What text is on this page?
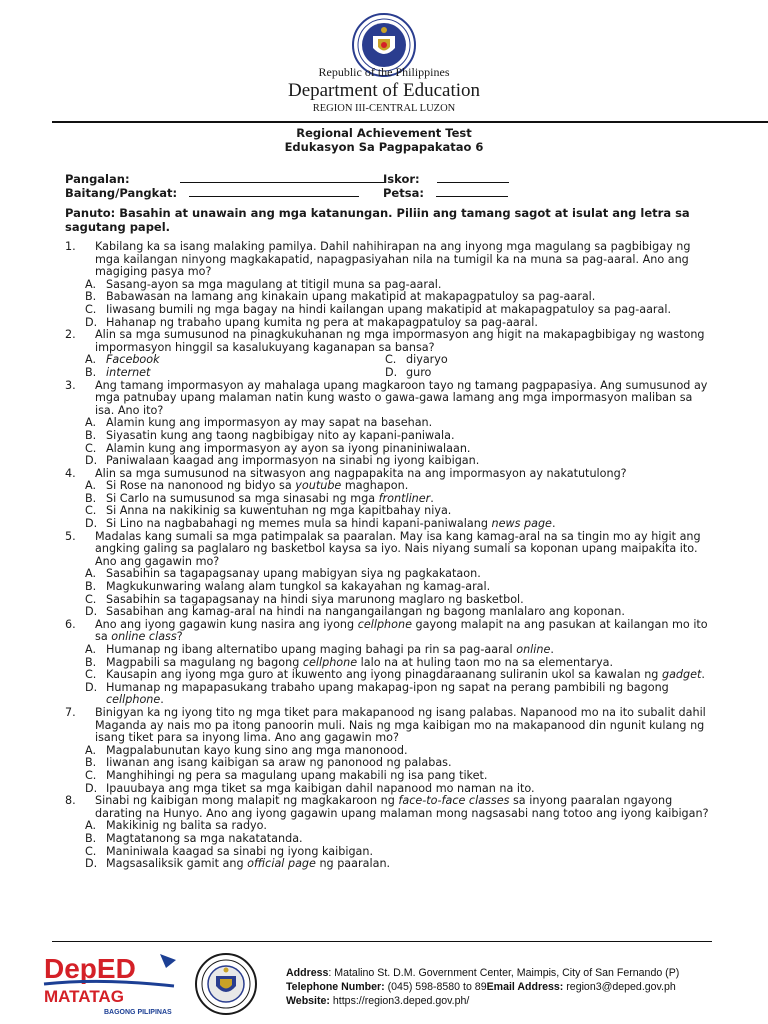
Republic of the Philippines
Department of Education
REGION III-CENTRAL LUZON
Regional Achievement Test
Edukasyon Sa Pagpapakatao 6
Pangalan:
Baitang/Pangkat:
Iskor:
Petsa:
Panuto: Basahin at unawain ang mga katanungan. Piliin ang tamang sagot at isulat ang letra sa sagutang papel.
1.	Kabilang ka sa isang malaking pamilya. Dahil nahihirapan na ang inyong mga magulang sa pagbibigay ng mga kailangan ninyong magkakapatid, napagpasiyahan nila na tumigil ka na muna sa pag-aaral. Ano ang magiging pasya mo?
A. Sasang-ayon sa mga magulang at titigil muna sa pag-aaral.
B. Babawasan na lamang ang kinakain upang makatipid at makapagpatuloy sa pag-aaral.
C. Iiwasang bumili ng mga bagay na hindi kailangan upang makatipid at makapagpatuloy sa pag-aaral.
D. Hahanap ng trabaho upang kumita ng pera at makapagpatuloy sa pag-aaral.
2.	Alin sa mga sumusunod na pinagkukuhanan ng mga impormasyon ang higit na makapagbibigay ng wastong impormasyon hinggil sa kasalukuyang kaganapan sa bansa?
A. Facebook	C. diyaryo
B. internet	D. guro
3.	Ang tamang impormasyon ay mahalaga upang magkaroon tayo ng tamang pagpapasiya. Ang sumusunod ay mga patnubay upang malaman natin kung wasto o gawa-gawa lamang ang mga impormasyon maliban sa isa. Ano ito?
A. Alamin kung ang impormasyon ay may sapat na basehan.
B. Siyasatin kung ang taong nagbibigay nito ay kapani-paniwala.
C. Alamin kung ang impormasyon ay ayon sa iyong pinaniniwalaan.
D. Paniwalaan kaagad ang impormasyon na sinabi ng iyong kaibigan.
4.	Alin sa mga sumusunod na sitwasyon ang nagpapakita na ang impormasyon ay nakatutulong?
A. Si Rose na nanonood ng bidyo sa youtube maghapon.
B. Si Carlo na sumusunod sa mga sinasabi ng mga frontliner.
C. Si Anna na nakikinig sa kuwentuhan ng mga kapitbahay niya.
D. Si Lino na nagbabahagi ng memes mula sa hindi kapani-paniwalang news page.
5.	Madalas kang sumali sa mga patimpalak sa paaralan. May isa kang kamag-aral na sa tingin mo ay higit ang angking galing sa paglalaro ng basketbol kaysa sa iyo. Nais niyang sumali sa koponan upang maipakita ito. Ano ang gagawin mo?
A. Sasabihin sa tagapagsanay upang mabigyan siya ng pagkakataon.
B. Magkukunwaring walang alam tungkol sa kakayahan ng kamag-aral.
C. Sasabihin sa tagapagsanay na hindi siya marunong maglaro ng basketbol.
D. Sasabihan ang kamag-aral na hindi na nangangailangan ng bagong manlalaro ang koponan.
6.	Ano ang iyong gagawin kung nasira ang iyong cellphone gayong malapit na ang pasukan at kailangan mo ito sa online class?
A. Humanap ng ibang alternatibo upang maging bahagi pa rin sa pag-aaral online.
B. Magpabili sa magulang ng bagong cellphone lalo na at huling taon mo na sa elementarya.
C. Kausapin ang iyong mga guro at ikuwento ang iyong pinagdaraanang suliranin ukol sa kawalan ng gadget.
D. Humanap ng mapapasukang trabaho upang makapag-ipon ng sapat na perang pambibili ng bagong cellphone.
7.	Binigyan ka ng iyong tito ng mga tiket para makapanood ng isang palabas. Napanood mo na ito subalit dahil Maganda ay nais mo pa itong panoorin muli. Nais ng mga kaibigan mo na makapanood din ngunit kulang ng isang tiket para sa inyong lima. Ano ang gagawin mo?
A. Magpalabunutan kayo kung sino ang mga manonood.
B. Iiwanan ang isang kaibigan sa araw ng panonood ng palabas.
C. Manghihingi ng pera sa magulang upang makabili ng isa pang tiket.
D. Ipauubaya ang mga tiket sa mga kaibigan dahil napanood mo naman na ito.
8.	Sinabi ng kaibigan mong malapit ng magkakaroon ng face-to-face classes sa inyong paaralan ngayong darating na Hunyo. Ano ang iyong gagawin upang malaman mong nagsasabi nang totoo ang iyong kaibigan?
A. Makikinig ng balita sa radyo.
B. Magtatanong sa mga nakatatanda.
C. Maniniwala kaagad sa sinabi ng iyong kaibigan.
D. Magsasaliksik gamit ang official page ng paaralan.
DepED
MATATAG
BAGONG PILIPINAS
Address: Matalino St. D.M. Government Center, Maimpis, City of San Fernando (P)
Telephone Number: (045) 598-8580 to 89Email Address: region3@deped.gov.ph
Website: https://region3.deped.gov.ph/
